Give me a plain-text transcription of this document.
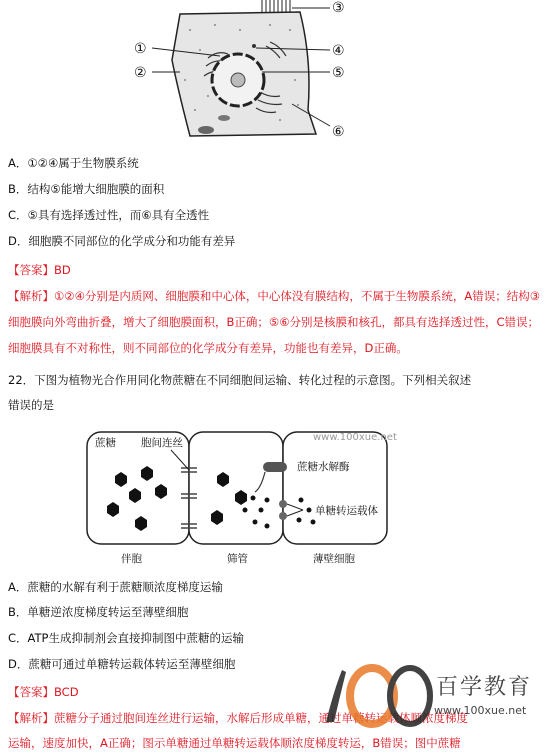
①
②
③
④
⑤
⑥
A．①②④属于生物膜系统
B．结构⑤能增大细胞膜的面积
C．⑤具有选择透过性，而⑥具有全透性
D．细胞膜不同部位的化学成分和功能有差异
【答案】BD
【解析】①②④分别是内质网、细胞膜和中心体，中心体没有膜结构，不属于生物膜系统，A错误；结构③
细胞膜向外弯曲折叠，增大了细胞膜面积，B正确；⑤⑥分别是核膜和核孔，都具有选择透过性，C错误；
细胞膜具有不对称性，则不同部位的化学成分有差异，功能也有差异，D正确。
22．下图为植物光合作用同化物蔗糖在不同细胞间运输、转化过程的示意图。下列相关叙述
错误的是
蔗糖 胞间连丝
蔗糖水解酶
单糖转运载体
伴胞	筛管	薄壁细胞
www.100xue.net
A．蔗糖的水解有利于蔗糖顺浓度梯度运输
B．单糖逆浓度梯度转运至薄壁细胞
C．ATP生成抑制剂会直接抑制图中蔗糖的运输
D．蔗糖可通过单糖转运载体转运至薄壁细胞
【答案】BCD
【解析】蔗糖分子通过胞间连丝进行运输，水解后形成单糖，通过单糖转运载体顺浓度梯度
运输，速度加快，A正确；图示单糖通过单糖转运载体顺浓度梯度转运，B错误；图中蔗糖
百学教育
www.100xue.net
